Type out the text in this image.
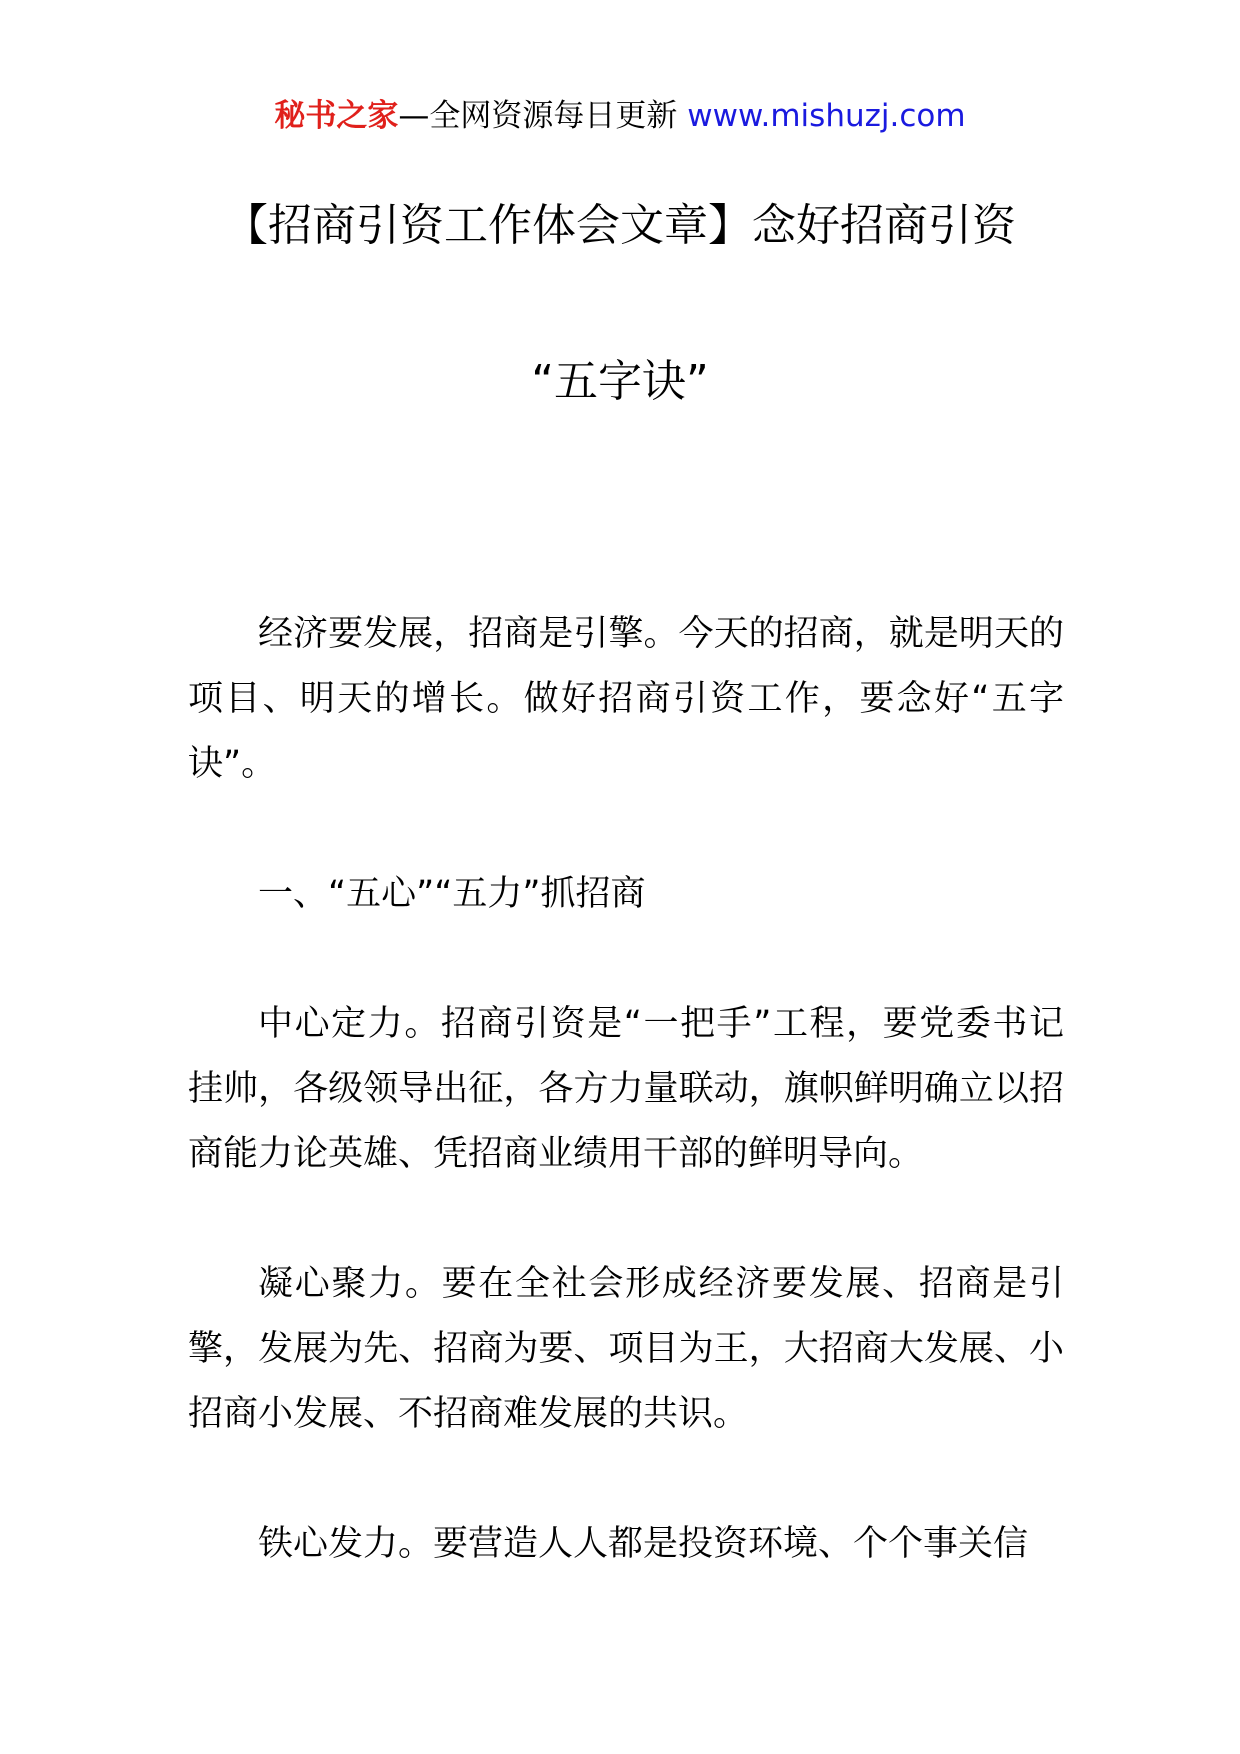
秘书之家—全网资源每日更新 www.mishuzj.com
【招商引资工作体会文章】念好招商引资
“五字诀”

经济要发展，招商是引擎。今天的招商，就是明天的项目、明天的增长。做好招商引资工作，要念好“五字诀”。

一、“五心”“五力”抓招商

中心定力。招商引资是“一把手”工程，要党委书记挂帅，各级领导出征，各方力量联动，旗帜鲜明确立以招商能力论英雄、凭招商业绩用干部的鲜明导向。

凝心聚力。要在全社会形成经济要发展、招商是引擎，发展为先、招商为要、项目为王，大招商大发展、小招商小发展、不招商难发展的共识。

铁心发力。要营造人人都是投资环境、个个事关信
